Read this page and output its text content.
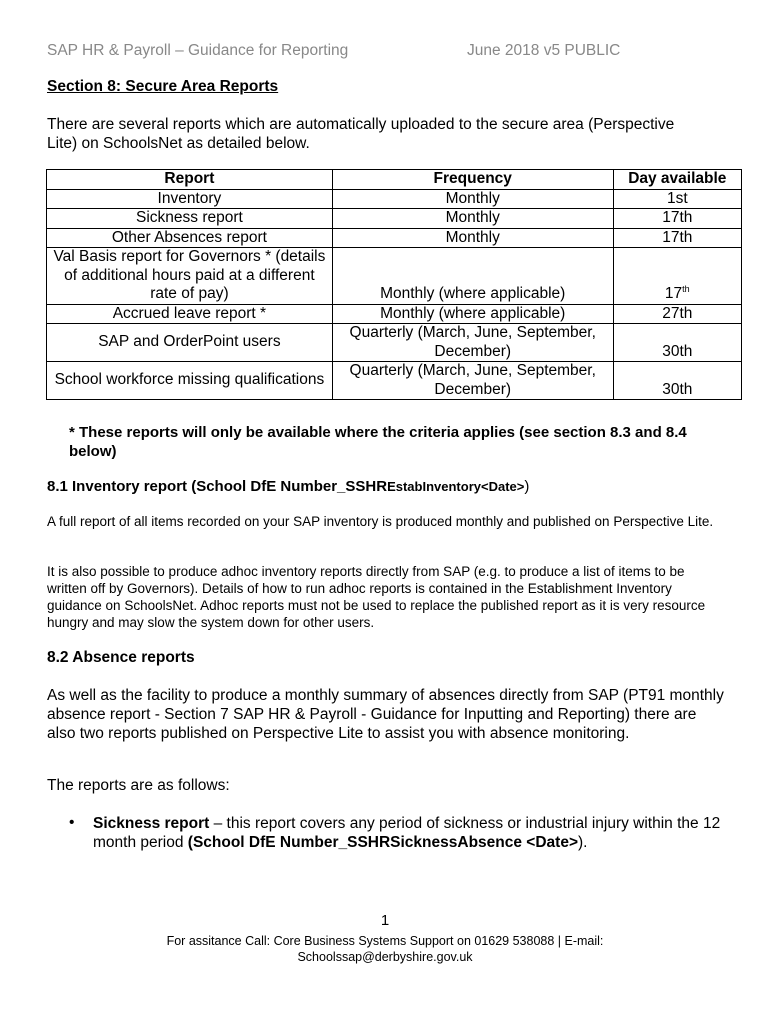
SAP HR & Payroll – Guidance for Reporting	June 2018 v5 PUBLIC
Section 8: Secure Area Reports
There are several reports which are automatically uploaded to the secure area (Perspective Lite) on SchoolsNet as detailed below.
Report	Frequency	Day available
Inventory	Monthly	1st
Sickness report	Monthly	17th
Other Absences report	Monthly	17th
Val Basis report for Governors * (details of additional hours paid at a different rate of pay)	Monthly (where applicable)	17th
Accrued leave report *	Monthly (where applicable)	27th
SAP and OrderPoint users	Quarterly (March, June, September, December)	30th
School workforce missing qualifications	Quarterly (March, June, September, December)	30th
* These reports will only be available where the criteria applies (see section 8.3 and 8.4 below)
8.1 Inventory report (School DfE Number_SSHREstabInventory<Date>)
A full report of all items recorded on your SAP inventory is produced monthly and published on Perspective Lite.
It is also possible to produce adhoc inventory reports directly from SAP (e.g. to produce a list of items to be written off by Governors). Details of how to run adhoc reports is contained in the Establishment Inventory guidance on SchoolsNet. Adhoc reports must not be used to replace the published report as it is very resource hungry and may slow the system down for other users.
8.2 Absence reports
As well as the facility to produce a monthly summary of absences directly from SAP (PT91 monthly absence report - Section 7 SAP HR & Payroll - Guidance for Inputting and Reporting) there are also two reports published on Perspective Lite to assist you with absence monitoring.
The reports are as follows:
• Sickness report – this report covers any period of sickness or industrial injury within the 12 month period (School DfE Number_SSHRSicknessAbsence <Date>).
1
For assitance Call: Core Business Systems Support on 01629 538088 | E-mail:
Schoolssap@derbyshire.gov.uk
